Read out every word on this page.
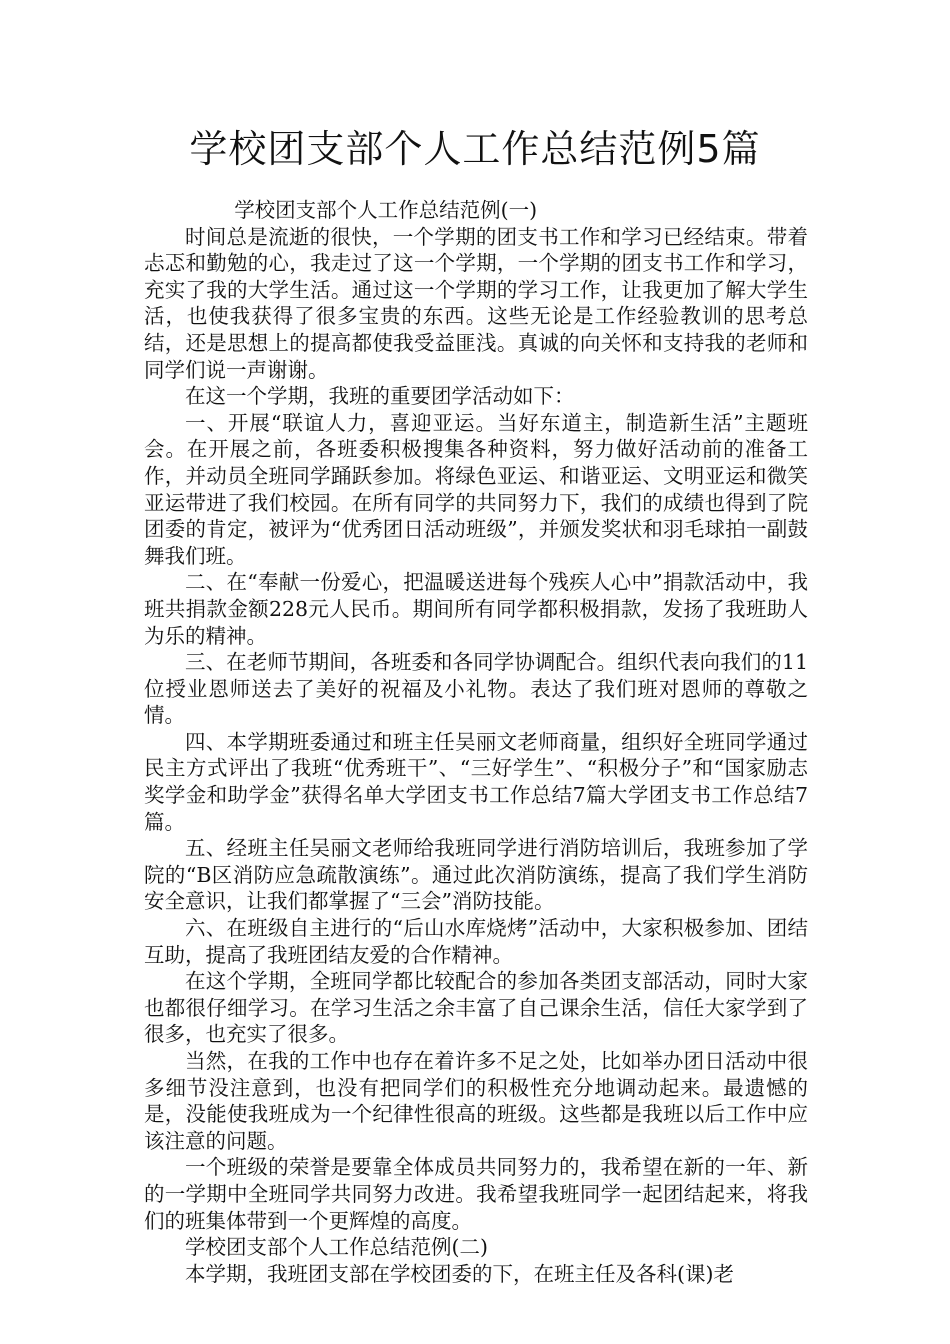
学校团支部个人工作总结范例5篇

学校团支部个人工作总结范例(一)

时间总是流逝的很快，一个学期的团支书工作和学习已经结束。带着忐忑和勤勉的心，我走过了这一个学期，一个学期的团支书工作和学习，充实了我的大学生活。通过这一个学期的学习工作，让我更加了解大学生活，也使我获得了很多宝贵的东西。这些无论是工作经验教训的思考总结，还是思想上的提高都使我受益匪浅。真诚的向关怀和支持我的老师和同学们说一声谢谢。

在这一个学期，我班的重要团学活动如下：

一、开展“联谊人力，喜迎亚运。当好东道主，制造新生活”主题班会。在开展之前，各班委积极搜集各种资料，努力做好活动前的准备工作，并动员全班同学踊跃参加。将绿色亚运、和谐亚运、文明亚运和微笑亚运带进了我们校园。在所有同学的共同努力下，我们的成绩也得到了院团委的肯定，被评为“优秀团日活动班级”，并颁发奖状和羽毛球拍一副鼓舞我们班。

二、在“奉献一份爱心，把温暖送进每个残疾人心中”捐款活动中，我班共捐款金额228元人民币。期间所有同学都积极捐款，发扬了我班助人为乐的精神。

三、在老师节期间，各班委和各同学协调配合。组织代表向我们的11位授业恩师送去了美好的祝福及小礼物。表达了我们班对恩师的尊敬之情。

四、本学期班委通过和班主任吴丽文老师商量，组织好全班同学通过民主方式评出了我班“优秀班干”、“三好学生”、“积极分子”和“国家励志奖学金和助学金”获得名单大学团支书工作总结7篇大学团支书工作总结7篇。

五、经班主任吴丽文老师给我班同学进行消防培训后，我班参加了学院的“B区消防应急疏散演练”。通过此次消防演练，提高了我们学生消防安全意识，让我们都掌握了“三会”消防技能。

六、在班级自主进行的“后山水库烧烤”活动中，大家积极参加、团结互助，提高了我班团结友爱的合作精神。

在这个学期，全班同学都比较配合的参加各类团支部活动，同时大家也都很仔细学习。在学习生活之余丰富了自己课余生活，信任大家学到了很多，也充实了很多。

当然，在我的工作中也存在着许多不足之处，比如举办团日活动中很多细节没注意到，也没有把同学们的积极性充分地调动起来。最遗憾的是，没能使我班成为一个纪律性很高的班级。这些都是我班以后工作中应该注意的问题。

一个班级的荣誉是要靠全体成员共同努力的，我希望在新的一年、新的一学期中全班同学共同努力改进。我希望我班同学一起团结起来，将我们的班集体带到一个更辉煌的高度。

学校团支部个人工作总结范例(二)

本学期，我班团支部在学校团委的下，在班主任及各科(课)老
